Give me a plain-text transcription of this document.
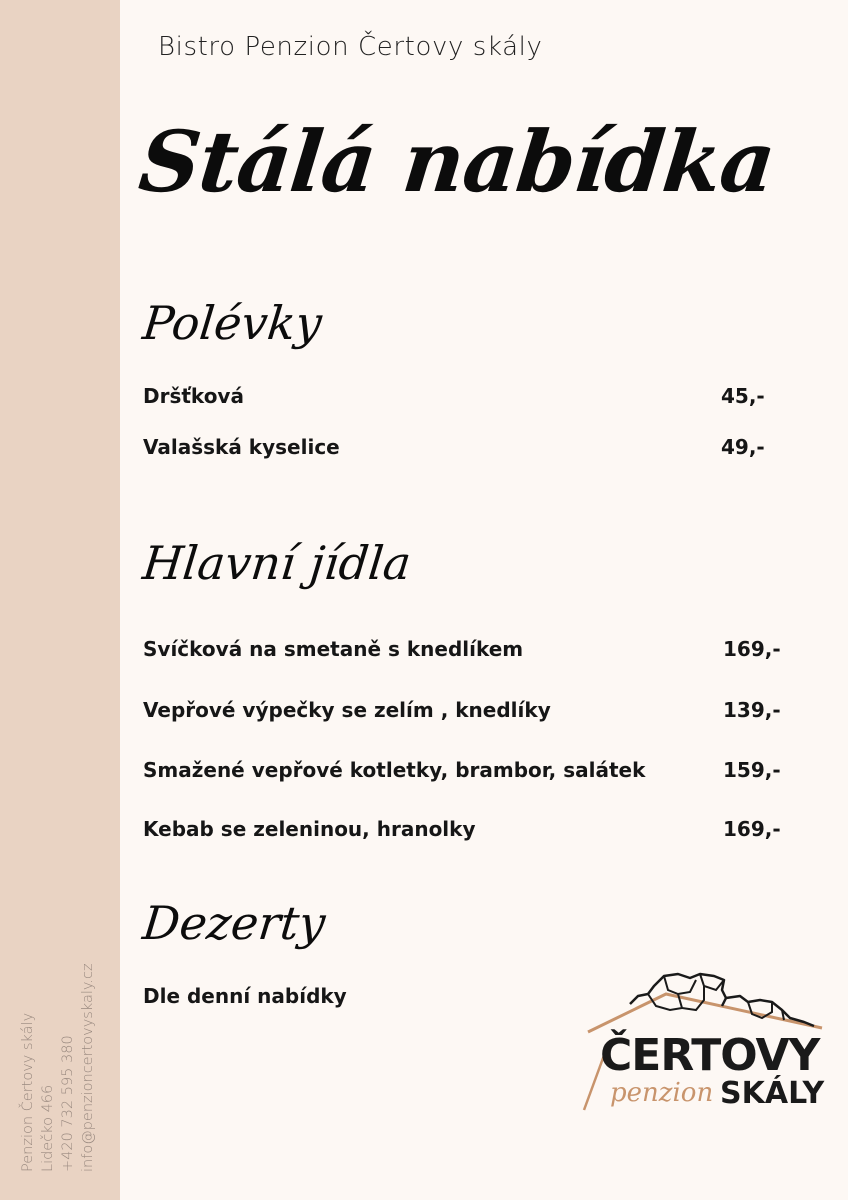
Penzion Čertovy skály Lidečko 466 +420 732 595 380 info@penzioncertovyskaly.cz
Bistro Penzion Čertovy skály
Stálá nabídka
Polévky
Dršťková	45,-
Valašská kyselice	49,-
Hlavní jídla
Svíčková na smetaně s knedlíkem	169,-
Vepřové výpečky se zelím , knedlíky	139,-
Smažené vepřové kotletky, brambor, salátek	159,-
Kebab se zeleninou, hranolky	169,-
Dezerty
Dle denní nabídky
ČERTOVY
penzion SKÁLY
